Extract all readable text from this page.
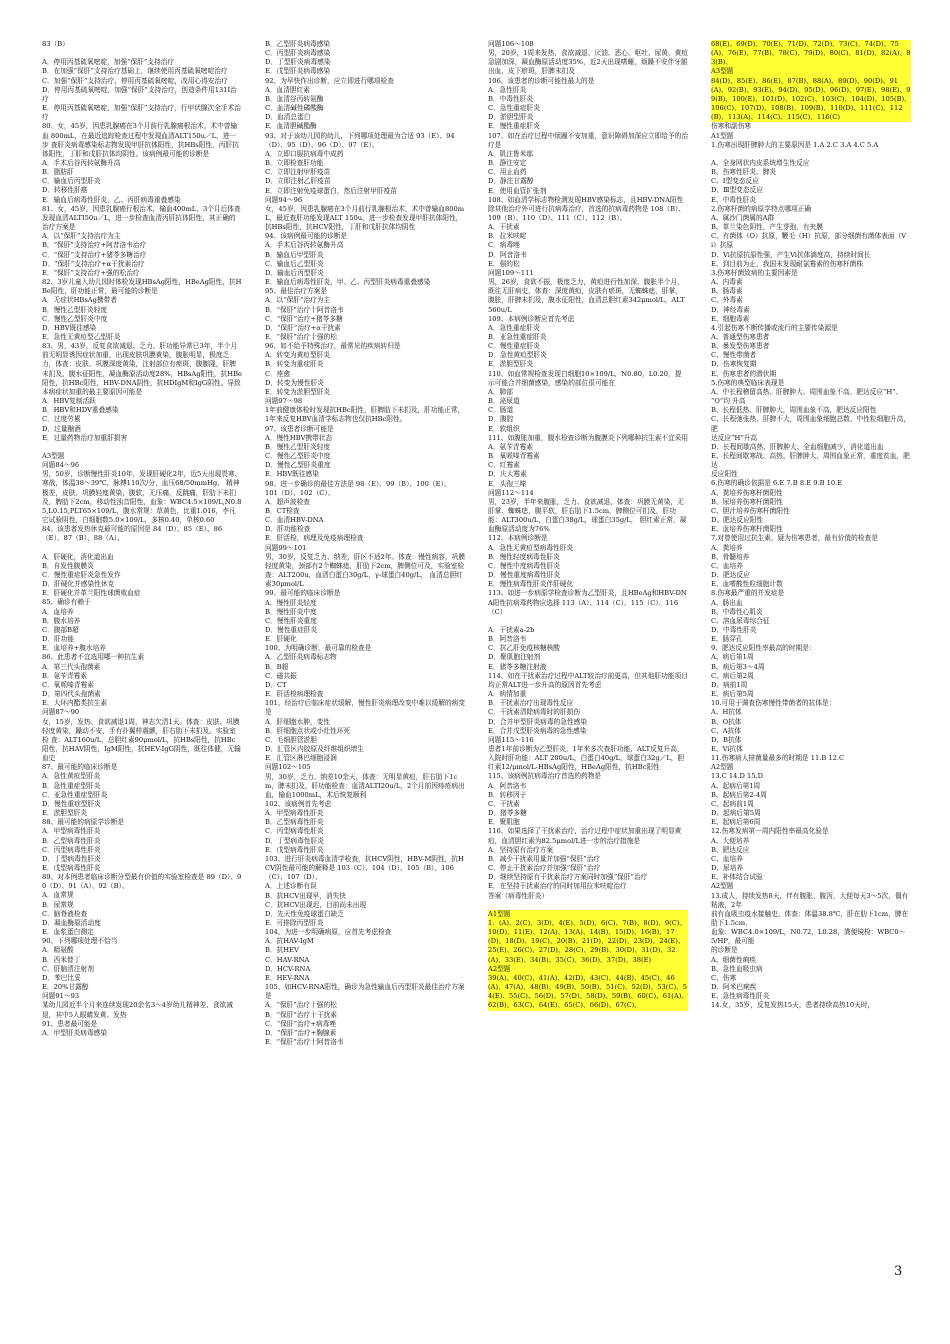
83（B）
A．停用丙基硫氧嘧啶，加强“保肝”支持治疗
B．在加强“保肝”支持治疗基础上，继续使用丙基硫氧嘧啶治疗
C．加强“保肝”支持治疗，停用丙基硫氧嘧啶，改用心得安治疗
D．停用丙基硫氧嘧啶，加强“保肝”支持治疗，创造条件用131I治疗
E．停用丙基硫氧嘧啶，加强“保肝”支持治疗，行甲状腺次全手术治疗
80、女，45岁，因患乳腺癌在3个月前行乳腺癌根治术，术中曾输血 800mL，在最近追踪检查过程中发现血清ALT150u／L，进一步 查肝炎病毒感染标志物发现甲肝抗体阳性，抗HBs阳性，丙肝抗体阳性，丁肝和戊肝抗体均阴性。该病例最可能的诊断是
A．手术后谷丙转氨酶升高
B．脂肪肝
C．输血后丙型肝炎
D．转移性肝癌
E．输血后病毒性肝炎，乙、丙肝病毒重叠感染
81、女，45岁，因患乳腺癌行根治术，输血400mL，3个月后体查发现血清ALTI50u／L，进一步检查血清丙肝抗体阳性，其正确的 治疗方案是
A．以“保肝”支持治疗为主
B．“保肝”支持治疗+阿昔洛韦治疗
C．“保肝”支持治疗+猪苓多糖治疗
D．“保肝”支持治疗+α干扰素治疗
E．“保肝”支持治疗+强的松治疗
82、3岁儿童入幼儿园时体检发现HBsAg阳性，HBeAg阳性，抗HBe阳性，肝功能正常，最可能的诊断是
A．无症状HBsAg携带者
B．慢性乙型肝炎轻度
C．慢性乙型肝炎中度
D．HBV既往感染
E．急性无黄疸型乙型肝炎
83、男，43岁，反复食欲减退、乏力、肝功能异常已3年，半个月前无明显诱因症状加重，出现皮肤巩膜黄染，腹胀明显，极度乏力，体查：皮肤、巩膜深度黄染，注射部位有瘀斑，腹膨隆，肝脾未扪及，腹水征阳性，凝血酶原活动度28%，HBsAg阳性，抗HBe阳性，抗HBc阳性，HBV-DNA阴性，抗HDIgM和IgG阴性。导致本病症状加重的最主要原因可能是
A．HBV复制活跃
B．HBV和HDV重叠感染
C．过度劳累
D．过量酗酒
E．过量药物治疗加重肝损害
A3型题
问题84～96
男，50岁，诊断慢性肝炎10年，发现肝硬化2年，近5天出现畏寒、寒战，体温38～39℃，脉搏110次/分，血压68/50mmHg， 精神极差，皮肤、巩膜轻度黄染，腹软，无压痛，反跳痛，肝肋下未扪及，脾肋下2cm，移动性浊音阳性，血象：WBC4.5×109/L,N0.85,L0.15,PLT65×109/L，腹水常规：草黄色，比重1.016，李凡它试验阴性，白细胞数5.0×109/L，多核0.40，单核0.60
84、该患者发热休克最可能的原因是 84（D）、85（E）、86（E）、87（B）、88（A）、
A．肝硬化，消化道出血
B．自发性腹膜炎
C．慢性重症肝炎急性发作
D．肝硬化并感染性休克
E．肝硬化并革兰阳性球菌败血症
85、确诊有赖于
A．血培养
B．腹水培养
C．腹部B超
D．肝功能
E．血培养+腹水培养
86、此患者不宜选用哪一种抗生素
A．第三代头孢菌素
B．氨苄青霉素
C．氧哌嗪青霉素
D．第四代头孢菌素
E．大环内酯类抗生素
问题87～90
女，15岁，发热、食欲减退1周，神志欠清1天。体查：皮肤、巩膜轻度黄染，躁动不安，手有扑翼样震颤，肝右肋下未扪及。实验室检 查：ALT160u/L，总胆红素90μmol/L，抗HBs阳性，抗HBc阳性，抗HAV阴性，IgM阳性，抗HEV-IgG阴性，既往体健，无输血史
87、最可能的临床诊断是
A．急性黄疸型肝炎
B．急性重症型肝炎
C．亚急性重症型肝炎
D．慢性重症型肝炎
E．淤胆型肝炎
88、最可能的病原学诊断是
A．甲型病毒性肝炎
B．乙型病毒性肝炎
C．丙型病毒性肝炎
D．丁型病毒性肝炎
E．戊型病毒性肝炎
89、对本例患者临床诊断分型最有价值的实验室检查是 89（D）、90（D）、91（A）、92（B）、
A．血常规
B．尿常规
C．脑脊液检查
D．凝血酶原活动度
E．血浆蛋白测定
90、下列哪项处理不恰当
A．精氨酸
B．西米替丁
C．肝脑清注射剂
D．苯巴比妥
E．20%甘露醇
问题91～93
某幼儿园近半个月来连续发现20余名3～4岁幼儿精神差、食欲减退，其中5人眼睛发黄、发热
91、患者最可能是
A．甲型肝炎病毒感染
B．乙型肝炎病毒感染
C．丙型肝炎病毒感染
D．丁型肝炎病毒感染
E．戊型肝炎病毒感染
92、为早快作出诊断，应立即进行哪项检查
A．血清胆红素
B．血清谷丙转氨酶
C．血清碱性磷酸酶
D．血清总蛋白
E．血清胆碱酯酶
93、对于该幼儿园的幼儿，下列哪项处理最为合适 93（E）、94（D）、95（D）、96（D）、97（E）、
A．立即口服抗病毒中成药
B．立即检查肝功能
C．立即注射甲肝疫苗
D．立即注射乙肝疫苗
E．立即注射免疫球蛋白，然后注射甲肝疫苗
问题94～96
女，45岁，因患乳腺癌在3个月前行乳腺根治术，术中曾输血800mL，最近查肝功能发现ALT 150u，进一步检查发现甲肝抗体阳性，抗HBs阳性，抗HCV阳性，丁肝和戊肝抗体均阴性
94、该病例最可能的诊断是
A．手术后谷丙转氨酶升高
B．输血后甲型肝炎
C．输血后乙型肝炎
D．输血后丙型肝炎
E．输血后病毒性肝炎，甲、乙、丙型肝炎病毒重叠感染
95、最佳治疗方案是
A．以“保肝”治疗为主
B．“保肝”治疗十阿昔洛韦
C．“保肝”治疗+猪苓多糖
D．“保肝”治疗+α干扰素
E．“保肝”治疗十强的松
96、如不给予特殊治疗，最常见的疾病转归是
A．转变为黄疸型肝炎
B．转变为重症肝炎
C．痊愈
D．转变为慢性肝炎
E．转变为淤胆型肝炎
问题97～98
1年前健康体检时发现抗HBc阳性，肝脾肋下未扪及，肝功能正常，1年来反复HBV血清学标志物也仅抗HBc阳性。
97、该患者诊断可能是
A．慢性HBV携带状态
B．慢性乙型肝炎轻度
C．慢性乙型肝炎中度
D．慢性乙型肝炎重度
E．HBV既往感染
98、进一步确诊的最佳方法是 98（E）、99（B）、100（E）、
101（D）、102（C）、
A．超声波检查
B．CT检查
C．血清HBV-DNA
D．肝功能检查
E．肝活检，病理及免疫病理检查
问题99～101
男，30岁，反复乏力、纳差，肝区不适2年。体查：慢性病容，巩膜轻度黄染，颈部有2个蜘蛛痣，肝肋下2cm，脾侧位可及，实验室检查：ALT200u，血清白蛋白30g/L，γ-球蛋白40g/L， 血清总胆红素30μmol/L
99、最可能的临床诊断是
A．慢性肝炎轻度
B．慢性肝炎中度
C．慢性肝炎重度
D．慢性重症肝炎
E．肝硬化
100、为明确诊断，最可靠的检查是
A．乙型肝炎病毒标志物
B．B超
C．磁共振
D．CT
E．肝活检病理检查
101、经治疗后临床症状缓解，慢性肝炎病理改变中难以缓解的病变是
A．肝细胞水肿，变性
B．肝细胞点状或小灶性坏死
C．毛细胆管淤胆
D．汇管区内胶原及纤维组织增生
E．汇管区淋巴细胞浸润
问题102～105
男，30岁，乏力、纳差10余天，体查：无明显黄疸，肝右肋下1cm，脾未扪及，肝功能检查：血清ALTI20u/L，2个月前因痔疮病出 血，输血1000mL，术后恢复顺利
102、该病例首先考虑
A．甲型病毒性肝炎
B．乙型病毒性肝炎
C．丙型病毒性肝炎
D．丁型病毒性肝炎
E．戊型病毒性肝炎
103、进行肝炎病毒血清学检查，抗HCV阴性，HBV-M阴性，抗HCV阴性最可能的解释是 103（C）、104（D）、105（B）、106（C）、107（D）、
A．上述诊断有误
B．抗HCV出现早，消失快
C．抗HCV出现迟，目前尚未出现
D．先天性免疫球蛋白缺乏
E．可排除丙型肝炎
104、为进一步明确病原，应首先考虑检查
A．抗HAV-IgM
B．抗HEV
C．HAV-RNA
D．HCV-RNA
E．HEV-RNA
105、如HCV-RNA阳性，确诊为急性输血后丙型肝炎最佳治疗方案是
A．“保肝”治疗十强的松
B．“保肝”治疗十干扰素
C．“保肝”治疗+病毒唑
D．“保肝”治疗+胸腺素
E．“保肝”治疗十阿昔洛韦
问题106～108
男，20岁，1周来发热、食欲减退、厌油、恶心、呕吐、尿黄，黄疸急剧加深，凝血酶原活动度35%，近2天出现嗜睡，烦躁不安伴牙龈出血，皮下瘀斑，肝脾未扪及
106、该患者的诊断可能性最大的是
A．急性肝炎
B．中毒性肝炎
C．急性重症肝炎
D．淤胆型肝炎
E．慢性重症肝炎
107、如在治疗过程中烦躁不安加重，意识障碍加深应立即给予的治疗是
A．肌注鲁米那
B．静注安定
C．用止血药
D．静注甘露醇
E．使用血管扩张剂
108、如血清学标志物检测发现HBV感染标志，且HBV-DNA阳性除其他治疗外可进行抗病毒治疗，首选的抗病毒药物是 108（B）、109（B）、110（D）、111（C）、112（B）、
A．干扰素
B．拉米呋啶
C．病毒唑
D．阿昔洛韦
E．强的松
问题109～111
男，26岁，食欲不振，极度乏力，黄疸进行性加深，腹胀半个月，既往无肝病史，体查：深度黄疸，皮肤有瘀斑，无蜘蛛痣，肝掌，腹胀，肝脾未扪及，腹水征阳性，血清总胆红素342μmol/L，ALT560u/L
109、本病例诊断应首先考虑
A．急性重症肝炎
B．亚急性重症肝炎
C．慢性重症肝炎
D．急性黄疸型肝炎
E．淤胆型肝炎
110、如血常规检查发现白细胞10×109/L，N0.80，L0.20，提示可能合并细菌感染，感染的部位很可能在
A．肺部
B．泌尿道
C．肠道
D．腹腔
E．软组织
111、如腹胀加重，腹水检查诊断为腹膜炎下列哪种抗生素不宜采用
A．氨苄青霉素
B．氧哌嗪青霉素
C．红霉素
D．庆大霉素
E．头孢三嗪
问题112～114
男，23岁，半年来腹胀，乏力、食欲减退，体查：巩膜无黄染，无肝掌、蜘蛛痣，腹平软，肝右肋下1.5cm，脾侧位可扪及，肝功能：ALT300u/L，白蛋白38g/L，球蛋白35g/L， 胆红素正常，凝血酶原活动度为76%
112、本病例诊断是
A．急性无黄疸型病毒性肝炎
B．慢性轻度病毒性肝炎
C．慢性中度病毒性肝炎
D．慢性重度病毒性肝炎
E．慢性病毒性肝炎伴肝硬化
113、如进一步病原学检查诊断为乙型肝炎，且HBeAg和HBV-DNA阳性抗病毒药物应选择 113（A）、114（C）、115（C）、116（C）
A．干扰素a-2b
B．阿昔洛韦
C．抗乙肝免疫核糖核酸
D．聚肌胞注射剂
E．猪苓多糖注射液
114、如在干扰素治疗过程中ALT较治疗前更高，但其他肝功能项目均正常ALT进一步升高的原因首先考虑
A．病情加重
B．干扰素治疗出现毒性反应
C．干扰素清除病毒时的肝损伤
D．合并甲型肝炎病毒的急性感染
E．合并戊型肝炎病毒的急性感染
问题115～116
患者1年前诊断为乙型肝炎，1年来多次查肝功能，ALT反复升高，入院时肝功能：ALT 200u/L，白蛋白40g/L，球蛋白32g／L，胆红素12/μmol/L-HBsAg阳性，HBeAg阳性，抗HBc阳性
115、该病例抗病毒治疗首选的药物是
A．阿昔洛韦
B．转移因子
C．干扰素
D．猪苓多糖
E．聚肌胞
116、如果选择了干扰素治疗，治疗过程中症状加重出现了明显黄疸，血清胆红素为82.5μmol/L进一步的治疗措施是
A．坚持原有治疗方案
B．减少干扰素用量并加强“保肝”治疗
C．停止干扰素治疗并加强“保肝”治疗
D．继续坚持原有干扰素治疗方案同时加强“保肝”治疗
E．在坚持干扰素治疗的同时加用拉米呋啶治疗
答案（病毒性肝炎）
A1型题
1．(A)、2(C)、3(D)、4(E)、5(D)、6(C)、7(B)、8(D)、9(C)、10(D)、11(E)、12(A)、13(A)、14(B)、15(D)、16(B)、17(D)、18(D)、19(C)、20(B)、21(D)、22(D)、23(D)、24(E)、25(E)、26(C)、27(D)、28(C)、29(B)、30(D)、31(D)、32(A)、33(E)、34(B)、35(C)、36(D)、37(D)、38(E)
A2型题
39(A)、40(C)、41(A)、42(D)、43(C)、44(B)、45(C)、46(A)、47(A)、48(B)、49(B)、50(B)、51(C)、52(D)、53(C)、54(E)、55(C)、56(D)、57(D)、58(D)、59(B)、60(C)、61(A)、62(B)、63(C)、64(E)、65(C)、66(D)、67(C)、
68(E)、69(D)、70(E)、71(D)、72(D)、73(C)、74(D)、75(A)、76(E)、77(B)、78(C)、79(D)、80(C)、81(D)、82(A)、83(B)、
A3型题
84(D)、85(E)、86(E)、87(B)、88(A)、89(D)、90(D)、91(A)、92(B)、93(E)、94(D)、95(D)、96(D)、97(E)、98(E)、99(B)、100(E)、101(D)、102(C)、103(C)、104(D)、105(B)、106(C)、107(D)、108(B)、109(B)、110(D)、111(C)、112(B)、113(A)、114(C)、115(C)、116(C)
伤寒和副伤寒
A1型题
1.伤寒出现肝脾肿大的主要原因是 1.A 2.C 3.A 4.C 5.A
A、全身网状内皮系统增生性反应
B、伤寒性肝炎、脾炎
C、Ⅰ型变态反应
D、Ⅲ型变态反应
E、中毒性肝炎
2.伤寒杆菌的病原学特点哪项正确
A、属沙门菌属的A群
B、革兰染色阴性，产生芽孢，有夹膜
C、有菌体（O）抗原，鞭毛（H）抗原，部分细菌有菌体表面（Vi）抗原
D、Vi抗原抗原性强，产生Vi抗体滴度高，持续时间长
E、到目前为止，我国未发现耐氯霉素的伤寒杆菌株
3.伤寒杆菌致病的主要因素是
A、内毒素
B、肠毒素
C、外毒素
D、神经毒素
E、细胞毒素
4.引起伤寒不断传播或流行的主要传染源是
A、普通型伤寒患者
B、暴发型伤寒患者
C、慢性带菌者
D、伤寒恢复期
E、伤寒患者的潜伏期
5.伤寒的典型临床表现是
A、中长程稽留高热、肝脾肿大、周围血象不高、肥达反应“H”、
“O”均 升高
B、长程低热、肝脾肿大，周围血象不高，肥达反应阳性
C、长程弛张热、肝脾不大，周围血象细胞总数、中性粒细胞升高，肥
达反应“H”升高
D、长程间歇高热、肝脾肿大、全血细胞减少，消化道出血
E、长程间歇寒战、高热、肝脾肿大，周围血象正常，重度贫血，肥达
反应阳性
6.伤寒的确诊依据是 6.E 7.B 8.E 9.B 10.E
A、粪培养伤寒杆菌阳性
B、尿培养伤寒杆菌阳性
C、胆汁培养伤寒杆菌阳性
D、肥达反应阳性
E、血培养伤寒杆菌阳性
7.对曾使用过抗生素，疑为伤寒患者，最有价值的检查是
A、粪培养
B、骨髓培养
C、血培养
D、肥达反应
E、血嗜酸性粒细胞计数
8.伤寒最严重的并发症是
A、肠出血
B、中毒性心肌炎
C、溶血尿毒综合征
D、中毒性肝炎
E、肠穿孔
9、肥达反应阳性率最高的时期是：
A、病后第1周
B、病后第3～4周
C、病后第2周
D、病前1周
E、病后第5周
10.可用于调查伤寒慢性带菌者的抗体是：
A、H抗体
B、O抗体
C、A抗体
D、B抗体
E、Vi抗体
11.伤寒病人排菌量最多的时期是 11.B 12.C
A2型题
13.C 14.D 15.D
A、起病后第1周
B、起病后第2-4周
C、起病前1周
D、起病后第5周
E、起病后第6周
12.伤寒发病第一周内阳性率最高化验是
A、大便培养
B、肥达反应
C、血培养
D、尿培养
E、补体结合试验
A2型题
13.成人，持续发热8天，伴有腹胀、腹泻，大便每天3～5次，偶有粘液，2年
前有血吸虫疫水接触史，体查：体温38.8℃，肝在肋下1cm，脾在 肋下1.5cm，
血象：WBC4.0×109/L，N0.72，L0.28，粪便镜检：WBC0～5/HP，最可能
的诊断是
A、细菌性痢疾
B、急性血吸虫病
C、伤寒
D、阿米巴痢疾
E、急性病毒性肝炎
14.女，35岁，反复发热15天，患者持续高热10天时，
3
